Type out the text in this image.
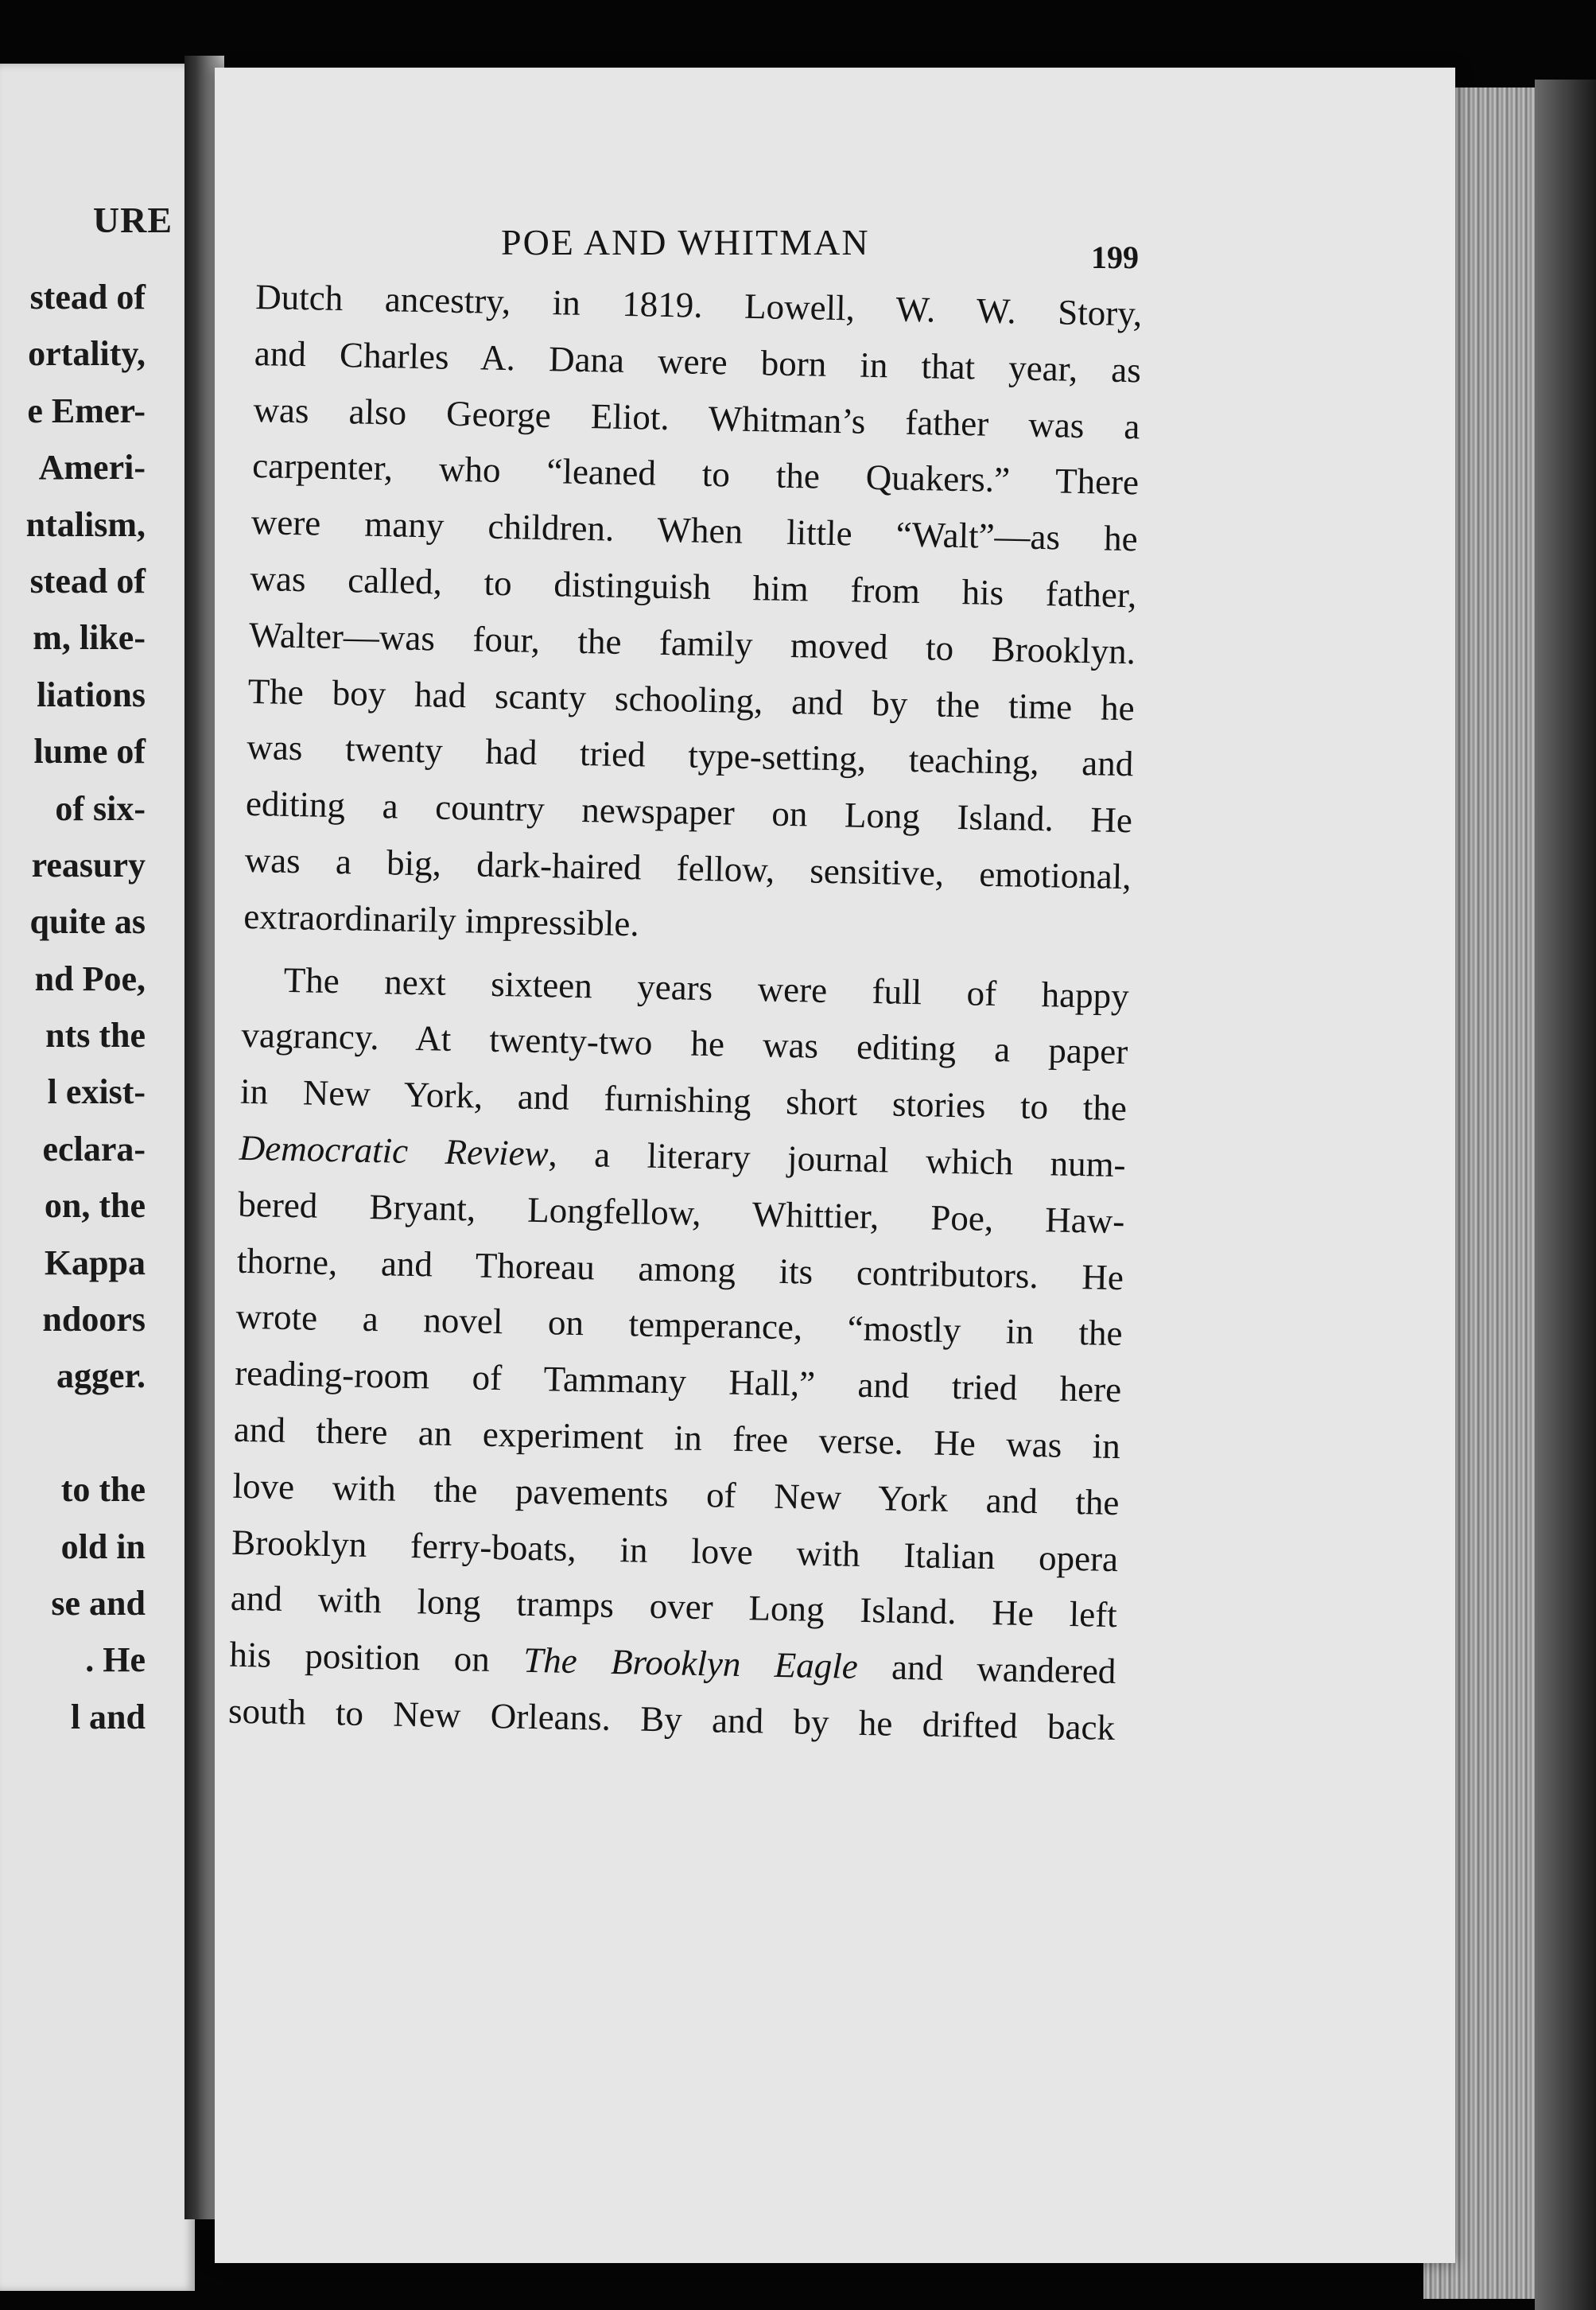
URE
stead of
ortality,
e Emer-
Ameri-
ntalism,
stead of
m, like-
liations
lume of
of six-
reasury
quite as
nd Poe,
nts the
l exist-
eclara-
on, the
Kappa
ndoors
agger.
to the
old in
se and
. He
l and
POE AND WHITMAN	199
Dutch ancestry, in 1819. Lowell, W. W. Story,
and Charles A. Dana were born in that year, as
was also George Eliot. Whitman’s father was a
carpenter, who “leaned to the Quakers.” There
were many children. When little “Walt”—as he
was called, to distinguish him from his father,
Walter—was four, the family moved to Brooklyn.
The boy had scanty schooling, and by the time he
was twenty had tried type-setting, teaching, and
editing a country newspaper on Long Island. He
was a big, dark-haired fellow, sensitive, emotional,
extraordinarily impressible.
The next sixteen years were full of happy
vagrancy. At twenty-two he was editing a paper
in New York, and furnishing short stories to the
Democratic Review, a literary journal which num-
bered Bryant, Longfellow, Whittier, Poe, Haw-
thorne, and Thoreau among its contributors. He
wrote a novel on temperance, “mostly in the
reading-room of Tammany Hall,” and tried here
and there an experiment in free verse. He was in
love with the pavements of New York and the
Brooklyn ferry-boats, in love with Italian opera
and with long tramps over Long Island. He left
his position on The Brooklyn Eagle and wandered
south to New Orleans. By and by he drifted back
